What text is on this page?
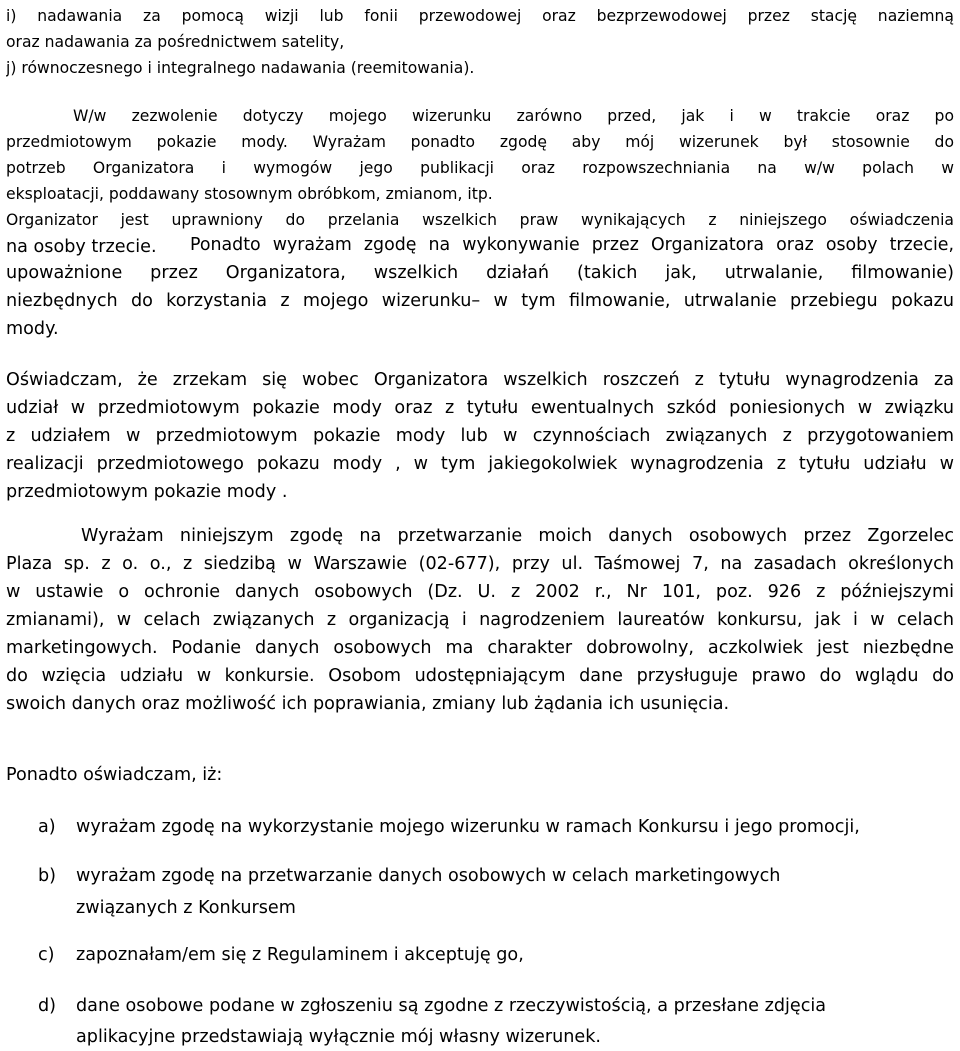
i) nadawania za pomocą wizji lub fonii przewodowej oraz bezprzewodowej przez stację naziemną
oraz nadawania za pośrednictwem satelity,
j) równoczesnego i integralnego nadawania (reemitowania).
W/w zezwolenie dotyczy mojego wizerunku zarówno przed, jak i w trakcie oraz po
przedmiotowym pokazie mody. Wyrażam ponadto zgodę aby mój wizerunek był stosownie do
potrzeb Organizatora i wymogów jego publikacji oraz rozpowszechniania na w/w polach w
eksploatacji, poddawany stosownym obróbkom, zmianom, itp.
Organizator jest uprawniony do przelania wszelkich praw wynikających z niniejszego oświadczenia
na osoby trzecie. Ponadto wyrażam zgodę na wykonywanie przez Organizatora oraz osoby trzecie,
upoważnione przez Organizatora, wszelkich działań (takich jak, utrwalanie, filmowanie)
niezbędnych do korzystania z mojego wizerunku– w tym filmowanie, utrwalanie przebiegu pokazu
mody.
Oświadczam, że zrzekam się wobec Organizatora wszelkich roszczeń z tytułu wynagrodzenia za
udział w przedmiotowym pokazie mody oraz z tytułu ewentualnych szkód poniesionych w związku
z udziałem w przedmiotowym pokazie mody lub w czynnościach związanych z przygotowaniem
realizacji przedmiotowego pokazu mody , w tym jakiegokolwiek wynagrodzenia z tytułu udziału w
przedmiotowym pokazie mody .
Wyrażam niniejszym zgodę na przetwarzanie moich danych osobowych przez Zgorzelec
Plaza sp. z o. o., z siedzibą w Warszawie (02-677), przy ul. Taśmowej 7, na zasadach określonych
w ustawie o ochronie danych osobowych (Dz. U. z 2002 r., Nr 101, poz. 926 z późniejszymi
zmianami), w celach związanych z organizacją i nagrodzeniem laureatów konkursu, jak i w celach
marketingowych. Podanie danych osobowych ma charakter dobrowolny, aczkolwiek jest niezbędne
do wzięcia udziału w konkursie. Osobom udostępniającym dane przysługuje prawo do wglądu do
swoich danych oraz możliwość ich poprawiania, zmiany lub żądania ich usunięcia.
Ponadto oświadczam, iż:
a) wyrażam zgodę na wykorzystanie mojego wizerunku w ramach Konkursu i jego promocji,
b) wyrażam zgodę na przetwarzanie danych osobowych w celach marketingowych
związanych z Konkursem
c) zapoznałam/em się z Regulaminem i akceptuję go,
d) dane osobowe podane w zgłoszeniu są zgodne z rzeczywistością, a przesłane zdjęcia
aplikacyjne przedstawiają wyłącznie mój własny wizerunek.
